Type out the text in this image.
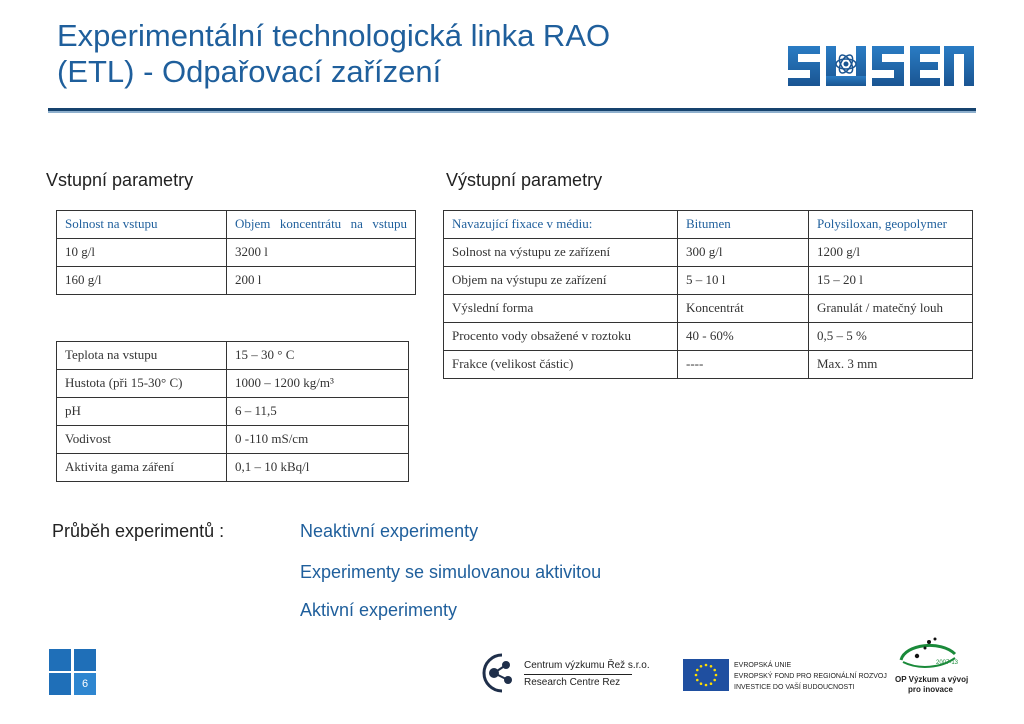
Experimentální technologická linka RAO
(ETL) - Odpařovací zařízení
SUSEN
Vstupní parametry
Solnost na vstupu	Objem koncentrátu na vstupu
10 g/l	3200 l
160 g/l	200 l
Teplota na vstupu	15 – 30 ° C
Hustota (při 15-30° C)	1000 – 1200 kg/m³
pH	6 – 11,5
Vodivost	0 -110 mS/cm
Aktivita gama záření	0,1 – 10 kBq/l
Výstupní parametry
Navazující fixace v médiu:	Bitumen	Polysiloxan, geopolymer
Solnost na výstupu ze zařízení	300 g/l	1200 g/l
Objem na výstupu ze zařízení	5 – 10 l	15 – 20 l
Výslední forma	Koncentrát	Granulát / matečný louh
Procento vody obsažené v roztoku	40 - 60%	0,5 – 5 %
Frakce (velikost částic)	----	Max. 3 mm
Průběh experimentů :	Neaktivní experimenty
Experimenty se simulovanou aktivitou
Aktivní experimenty
6
Centrum výzkumu Řež s.r.o.
Research Centre Rez
EVROPSKÁ UNIE
EVROPSKÝ FOND PRO REGIONÁLNÍ ROZVOJ
INVESTICE DO VAŠÍ BUDOUCNOSTI
2007-13
OP Výzkum a vývoj
pro inovace
